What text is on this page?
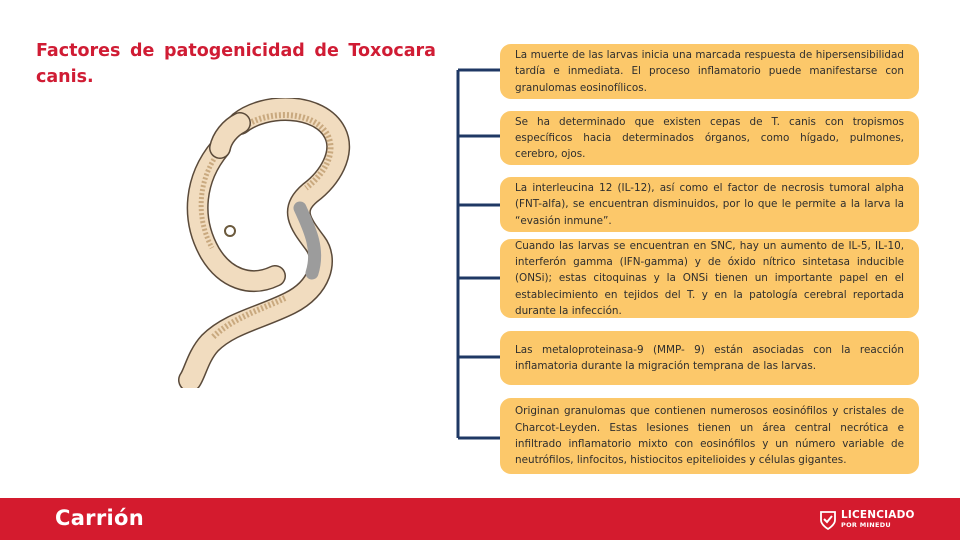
Factores de patogenicidad de Toxocara canis.
La muerte de las larvas inicia una marcada respuesta de hipersensibilidad tardía e inmediata. El proceso inflamatorio puede manifestarse con granulomas eosinofílicos.
Se ha determinado que existen cepas de T. canis con tropismos específicos hacia determinados órganos, como hígado, pulmones, cerebro, ojos.
La interleucina 12 (IL-12), así como el factor de necrosis tumoral alpha (FNT-alfa), se encuentran disminuidos, por lo que le permite a la larva la “evasión inmune”.
Cuando las larvas se encuentran en SNC, hay un aumento de IL-5, IL-10, interferón gamma (IFN-gamma) y de óxido nítrico sintetasa inducible (ONSi); estas citoquinas y la ONSi tienen un importante papel en el establecimiento en tejidos del T. y en la patología cerebral reportada durante la infección.
Las metaloproteinasa-9 (MMP- 9) están asociadas con la reacción inflamatoria durante la migración temprana de las larvas.
Originan granulomas que contienen numerosos eosinófilos y cristales de Charcot-Leyden. Estas lesiones tienen un área central necrótica e infiltrado inflamatorio mixto con eosinófilos y un número variable de neutrófilos, linfocitos, histiocitos epitelioides y células gigantes.
Carrión	LICENCIADO
POR MINEDU
